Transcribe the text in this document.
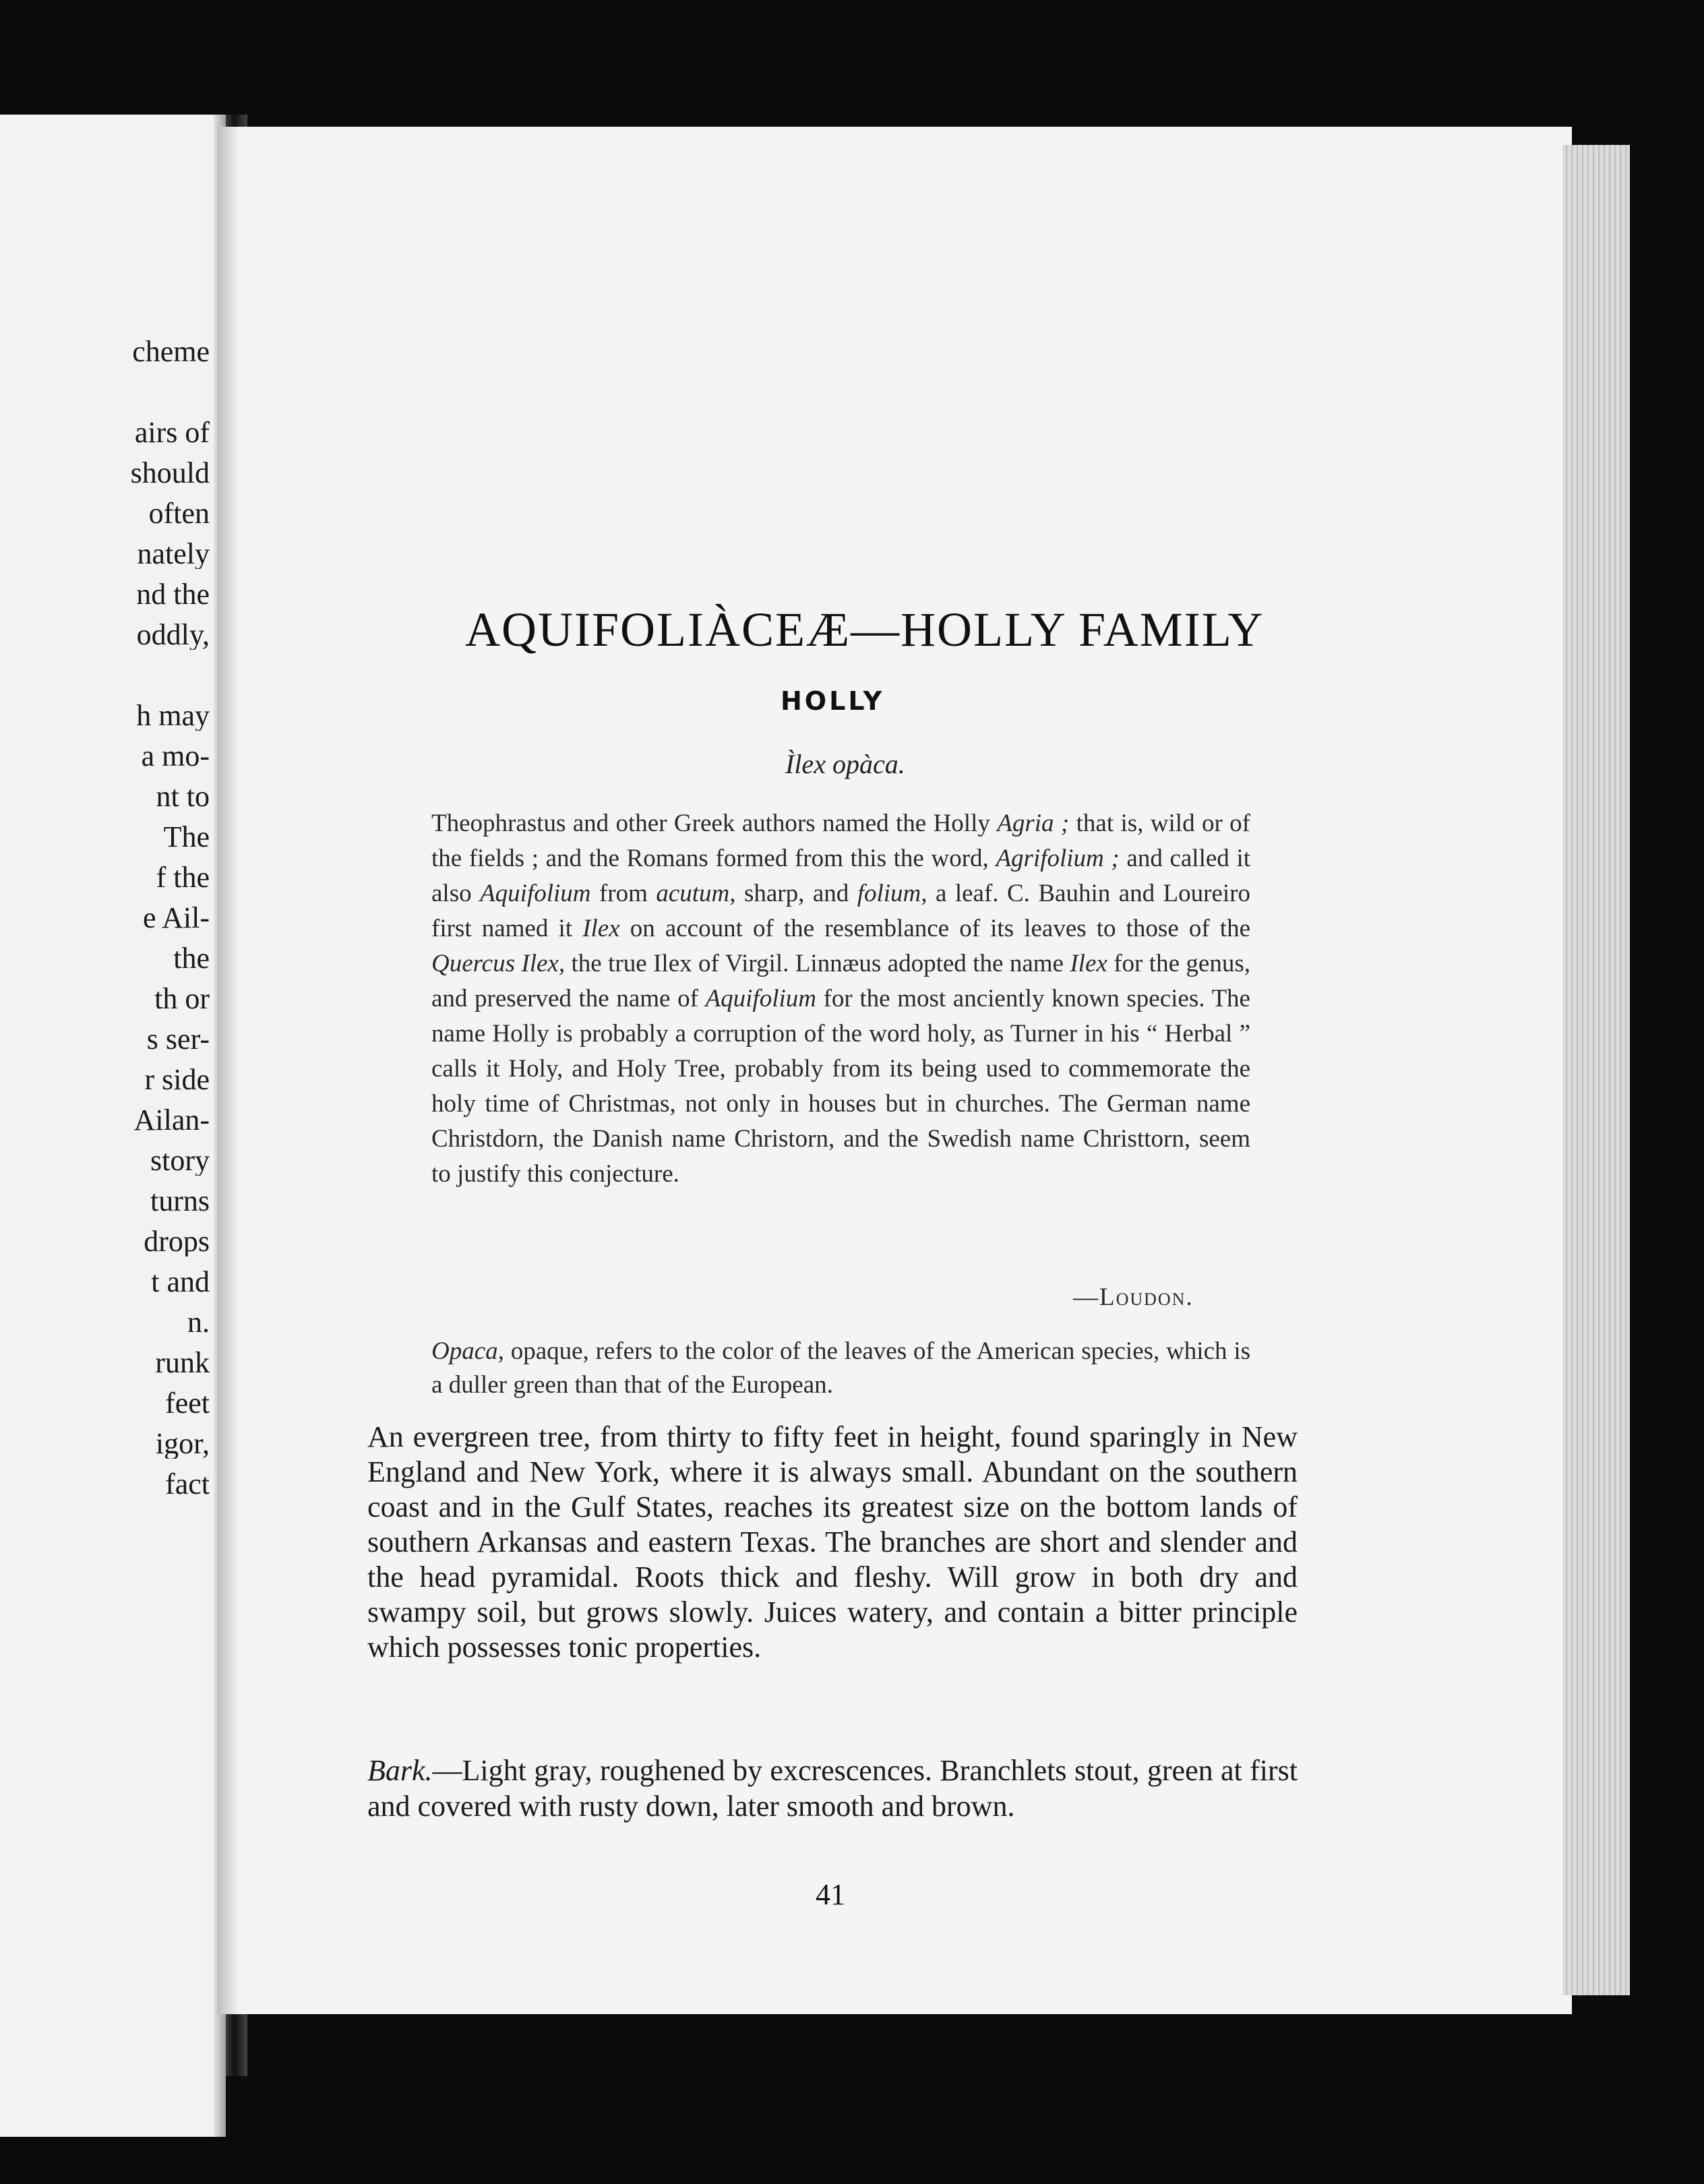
cheme

airs of

should

often

nately

nd the

oddly,

h may

a mo-

nt to

The

f the

e Ail-

the

th or

s ser-

r side

Ailan-

story

turns

drops

t and

n.

runk

feet

igor,

fact

AQUIFOLIÀCEÆ—HOLLY FAMILY
HOLLY

Ìlex opàca.

Theophrastus and other Greek authors named the Holly Agria ; that is, wild or of the fields ; and the Romans formed from this the word, Agrifolium ; and called it also Aquifolium from acutum, sharp, and folium, a leaf. C. Bauhin and Loureiro first named it Ilex on account of the resemblance of its leaves to those of the Quercus Ilex, the true Ilex of Virgil. Linnæus adopted the name Ilex for the genus, and preserved the name of Aquifolium for the most anciently known species. The name Holly is probably a corruption of the word holy, as Turner in his “ Herbal ” calls it Holy, and Holy Tree, probably from its being used to commemorate the holy time of Christmas, not only in houses but in churches. The German name Christdorn, the Danish name Christorn, and the Swedish name Christtorn, seem to justify this conjecture.

—Loudon.

Opaca, opaque, refers to the color of the leaves of the American species, which is a duller green than that of the European.

An evergreen tree, from thirty to fifty feet in height, found sparingly in New England and New York, where it is always small. Abundant on the southern coast and in the Gulf States, reaches its greatest size on the bottom lands of southern Arkansas and eastern Texas. The branches are short and slender and the head pyramidal. Roots thick and fleshy. Will grow in both dry and swampy soil, but grows slowly. Juices watery, and contain a bitter principle which possesses tonic properties.

Bark.—Light gray, roughened by excrescences. Branchlets stout, green at first and covered with rusty down, later smooth and brown.

41
